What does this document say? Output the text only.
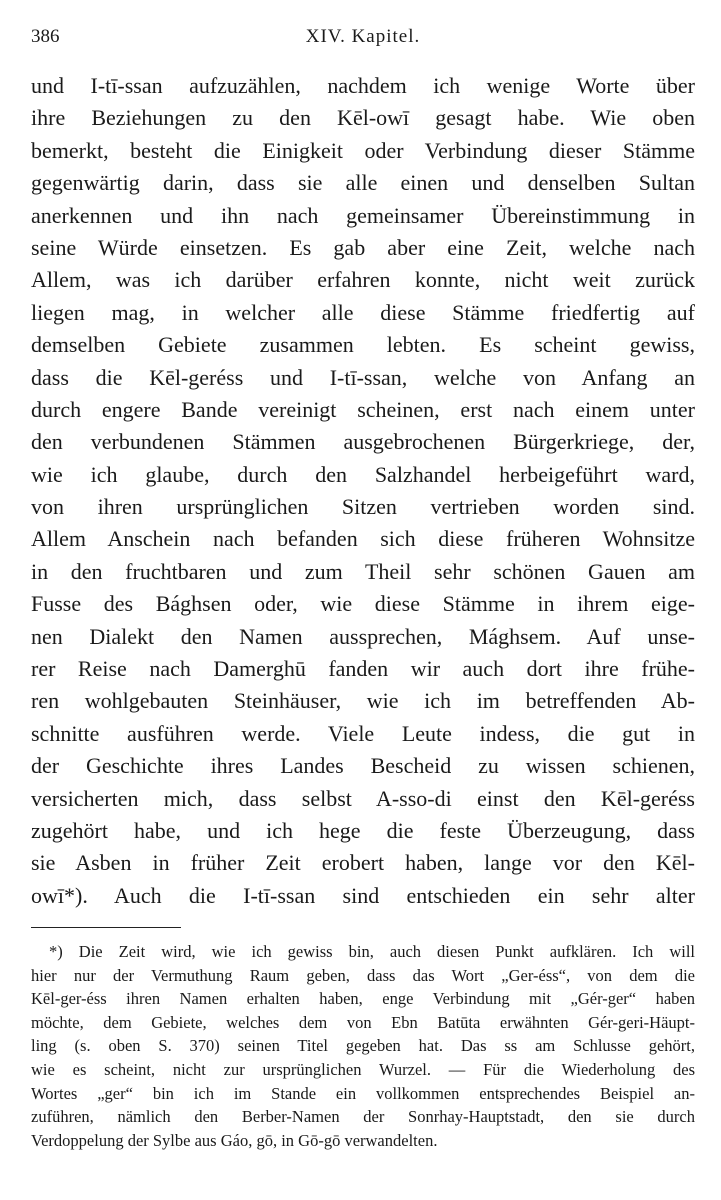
386	XIV. Kapitel.
und I-tī-ssan aufzuzählen, nachdem ich wenige Worte über
ihre Beziehungen zu den Kēl-owī gesagt habe. Wie oben
bemerkt, besteht die Einigkeit oder Verbindung dieser Stämme
gegenwärtig darin, dass sie alle einen und denselben Sultan
anerkennen und ihn nach gemeinsamer Übereinstimmung in
seine Würde einsetzen. Es gab aber eine Zeit, welche nach
Allem, was ich darüber erfahren konnte, nicht weit zurück
liegen mag, in welcher alle diese Stämme friedfertig auf
demselben Gebiete zusammen lebten. Es scheint gewiss,
dass die Kēl-geréss und I-tī-ssan, welche von Anfang an
durch engere Bande vereinigt scheinen, erst nach einem unter
den verbundenen Stämmen ausgebrochenen Bürgerkriege, der,
wie ich glaube, durch den Salzhandel herbeigeführt ward,
von ihren ursprünglichen Sitzen vertrieben worden sind.
Allem Anschein nach befanden sich diese früheren Wohnsitze
in den fruchtbaren und zum Theil sehr schönen Gauen am
Fusse des Bághsen oder, wie diese Stämme in ihrem eige-
nen Dialekt den Namen aussprechen, Mághsem. Auf unse-
rer Reise nach Damerghū fanden wir auch dort ihre frühe-
ren wohlgebauten Steinhäuser, wie ich im betreffenden Ab-
schnitte ausführen werde. Viele Leute indess, die gut in
der Geschichte ihres Landes Bescheid zu wissen schienen,
versicherten mich, dass selbst A-sso-di einst den Kēl-geréss
zugehört habe, und ich hege die feste Überzeugung, dass
sie Asben in früher Zeit erobert haben, lange vor den Kēl-
owī*). Auch die I-tī-ssan sind entschieden ein sehr alter
*) Die Zeit wird, wie ich gewiss bin, auch diesen Punkt aufklären. Ich will
hier nur der Vermuthung Raum geben, dass das Wort „Ger-éss“, von dem die
Kēl-ger-éss ihren Namen erhalten haben, enge Verbindung mit „Gér-ger“ haben
möchte, dem Gebiete, welches dem von Ebn Batūta erwähnten Gér-geri-Häupt-
ling (s. oben S. 370) seinen Titel gegeben hat. Das ss am Schlusse gehört,
wie es scheint, nicht zur ursprünglichen Wurzel. — Für die Wiederholung des
Wortes „ger“ bin ich im Stande ein vollkommen entsprechendes Beispiel an-
zuführen, nämlich den Berber-Namen der Sonrhay-Hauptstadt, den sie durch
Verdoppelung der Sylbe aus Gáo, gō, in Gō-gō verwandelten.
